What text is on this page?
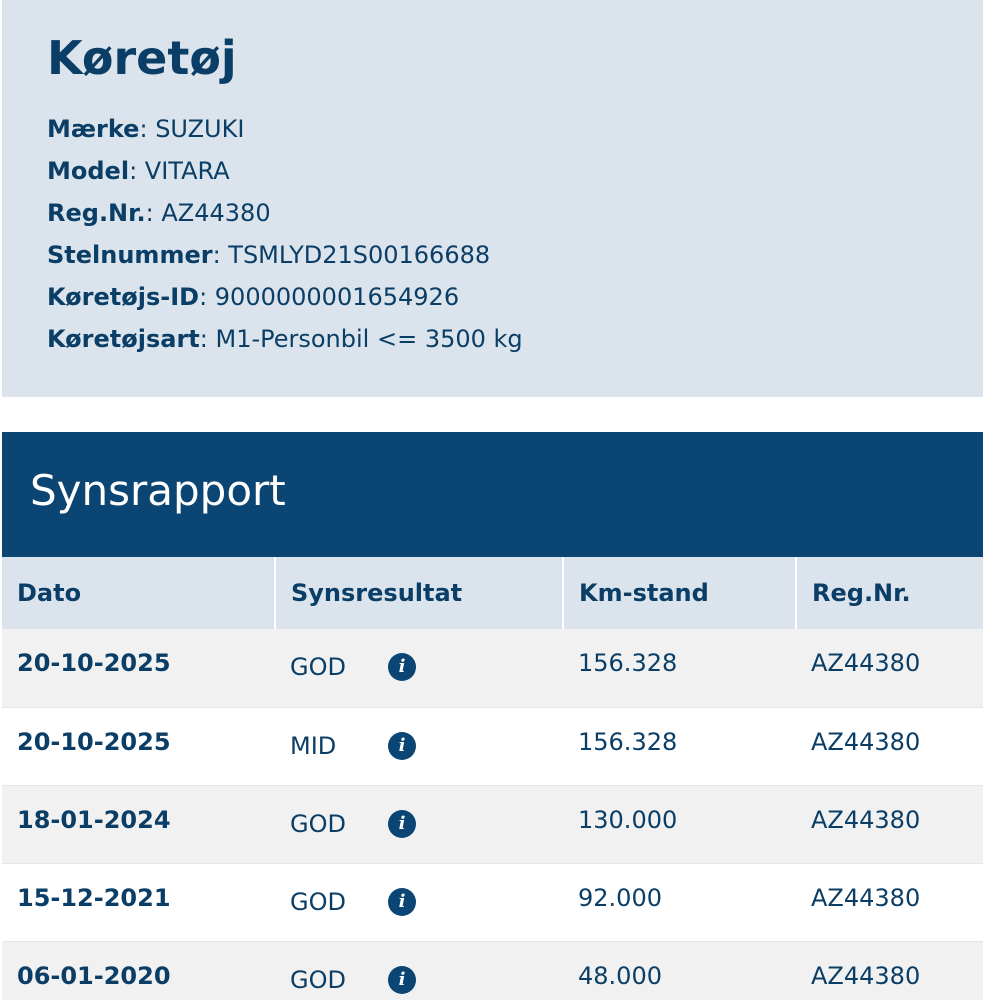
Køretøj
Mærke: SUZUKI
Model: VITARA
Reg.Nr.: AZ44380
Stelnummer: TSMLYD21S00166688
Køretøjs-ID: 9000000001654926
Køretøjsart: M1-Personbil <= 3500 kg
Synsrapport
Dato	Synsresultat	Km-stand	Reg.Nr.
20-10-2025	GOD i	156.328	AZ44380
20-10-2025	MID i	156.328	AZ44380
18-01-2024	GOD i	130.000	AZ44380
15-12-2021	GOD i	92.000	AZ44380
06-01-2020	GOD i	48.000	AZ44380
